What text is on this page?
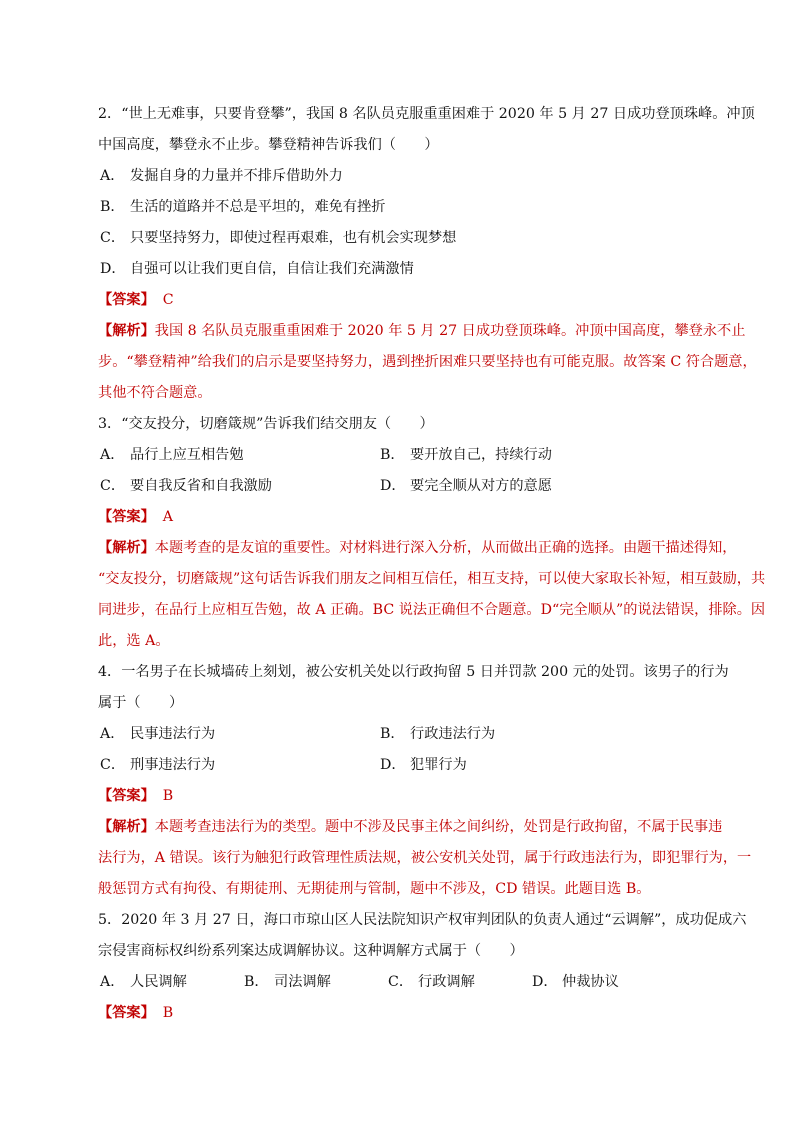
2．“世上无难事，只要肯登攀”，我国 8 名队员克服重重困难于 2020 年 5 月 27 日成功登顶珠峰。冲顶

中国高度，攀登永不止步。攀登精神告诉我们（　　）

A． 发掘自身的力量并不排斥借助外力

B． 生活的道路并不总是平坦的，难免有挫折

C． 只要坚持努力，即使过程再艰难，也有机会实现梦想

D． 自强可以让我们更自信，自信让我们充满激情

【答案】 C

【解析】我国 8 名队员克服重重困难于 2020 年 5 月 27 日成功登顶珠峰。冲顶中国高度，攀登永不止

步。“攀登精神”给我们的启示是要坚持努力，遇到挫折困难只要坚持也有可能克服。故答案 C 符合题意，

其他不符合题意。

3．“交友投分，切磨箴规”告诉我们结交朋友（　　）

A． 品行上应互相告勉	B． 要开放自己，持续行动
C． 要自我反省和自我激励	D． 要完全顺从对方的意愿

【答案】 A

【解析】本题考查的是友谊的重要性。对材料进行深入分析，从而做出正确的选择。由题干描述得知，

“交友投分，切磨箴规”这句话告诉我们朋友之间相互信任，相互支持，可以使大家取长补短，相互鼓励，共

同进步，在品行上应相互告勉，故 A 正确。BC 说法正确但不合题意。D“完全顺从”的说法错误，排除。因

此，选 A。

4．一名男子在长城墙砖上刻划，被公安机关处以行政拘留 5 日并罚款 200 元的处罚。该男子的行为

属于（　　）

A． 民事违法行为	B． 行政违法行为
C． 刑事违法行为	D． 犯罪行为

【答案】 B

【解析】本题考查违法行为的类型。题中不涉及民事主体之间纠纷，处罚是行政拘留，不属于民事违

法行为，A 错误。该行为触犯行政管理性质法规，被公安机关处罚，属于行政违法行为，即犯罪行为，一

般惩罚方式有拘役、有期徒刑、无期徒刑与管制，题中不涉及，CD 错误。此题目选 B。

5．2020 年 3 月 27 日，海口市琼山区人民法院知识产权审判团队的负责人通过“云调解”，成功促成六

宗侵害商标权纠纷系列案达成调解协议。这种调解方式属于（　　）

A． 人民调解	B． 司法调解	C． 行政调解	D． 仲裁协议

【答案】 B
